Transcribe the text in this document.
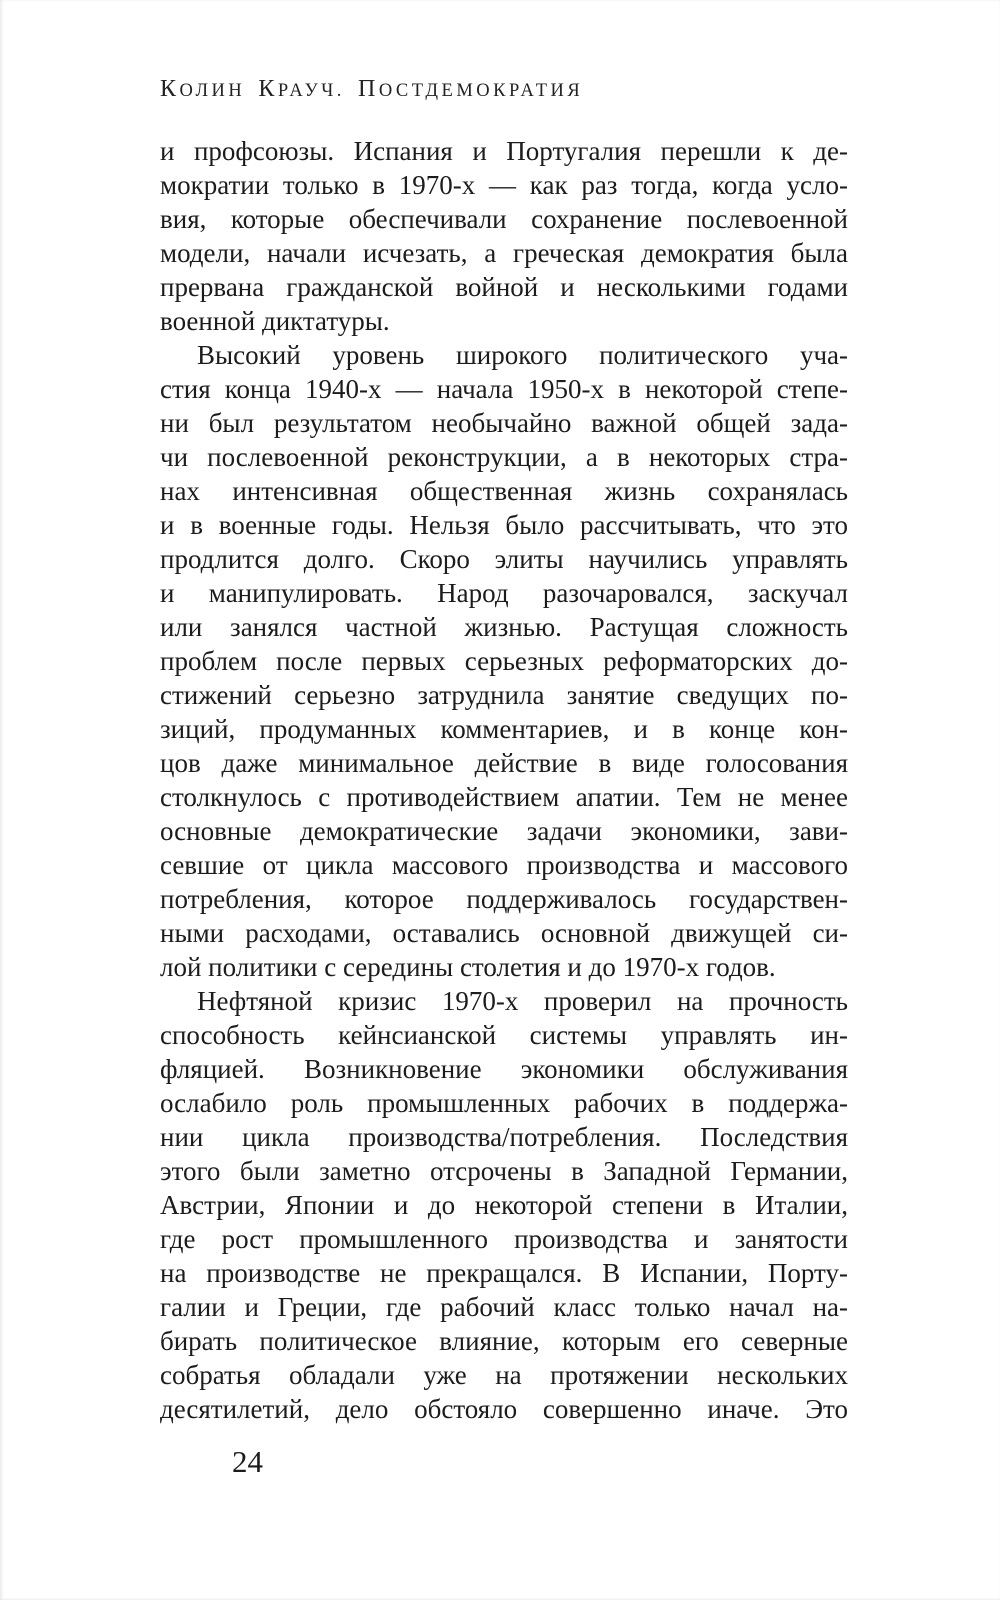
КОЛИН КРАУЧ. ПОСТДЕМОКРАТИЯ
и профсоюзы. Испания и Португалия перешли к де-
мократии только в 1970-х — как раз тогда, когда усло-
вия, которые обеспечивали сохранение послевоенной
модели, начали исчезать, а греческая демократия была
прервана гражданской войной и несколькими годами
военной диктатуры.
Высокий уровень широкого политического уча-
стия конца 1940-х — начала 1950-х в некоторой степе-
ни был результатом необычайно важной общей зада-
чи послевоенной реконструкции, а в некоторых стра-
нах интенсивная общественная жизнь сохранялась
и в военные годы. Нельзя было рассчитывать, что это
продлится долго. Скоро элиты научились управлять
и манипулировать. Народ разочаровался, заскучал
или занялся частной жизнью. Растущая сложность
проблем после первых серьезных реформаторских до-
стижений серьезно затруднила занятие сведущих по-
зиций, продуманных комментариев, и в конце кон-
цов даже минимальное действие в виде голосования
столкнулось с противодействием апатии. Тем не менее
основные демократические задачи экономики, зави-
севшие от цикла массового производства и массового
потребления, которое поддерживалось государствен-
ными расходами, оставались основной движущей си-
лой политики с середины столетия и до 1970-х годов.
Нефтяной кризис 1970-х проверил на прочность
способность кейнсианской системы управлять ин-
фляцией. Возникновение экономики обслуживания
ослабило роль промышленных рабочих в поддержа-
нии цикла производства/потребления. Последствия
этого были заметно отсрочены в Западной Германии,
Австрии, Японии и до некоторой степени в Италии,
где рост промышленного производства и занятости
на производстве не прекращался. В Испании, Порту-
галии и Греции, где рабочий класс только начал на-
бирать политическое влияние, которым его северные
собратья обладали уже на протяжении нескольких
десятилетий, дело обстояло совершенно иначе. Это
24
